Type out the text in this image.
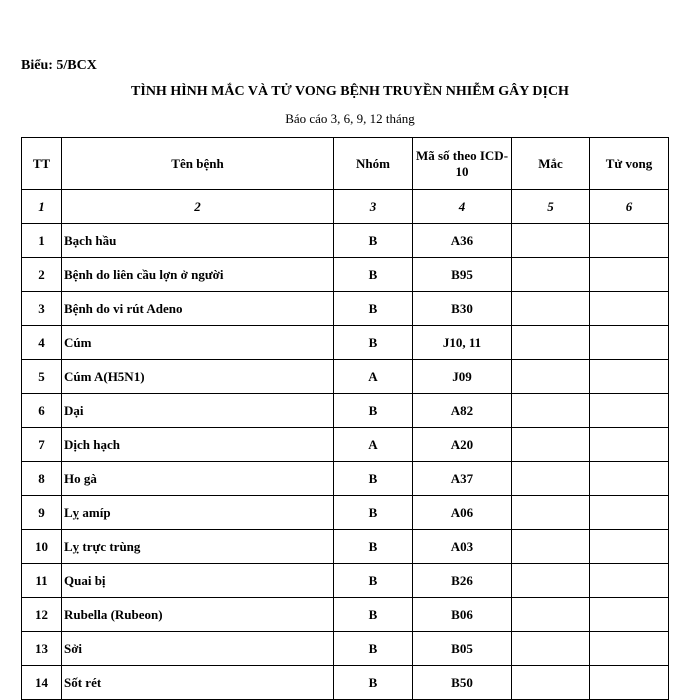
Biểu: 5/BCX
TÌNH HÌNH MẮC VÀ TỬ VONG BỆNH TRUYỀN NHIỄM GÂY DỊCH
Báo cáo 3, 6, 9, 12 tháng
TT	Tên bệnh	Nhóm	Mã số theo ICD-10	Mắc	Tử vong
1	2	3	4	5	6
1	Bạch hầu	B	A36		
2	Bệnh do liên cầu lợn ở người	B	B95		
3	Bệnh do vi rút Adeno	B	B30		
4	Cúm	B	J10, 11		
5	Cúm A(H5N1)	A	J09		
6	Dại	B	A82		
7	Dịch hạch	A	A20		
8	Ho gà	B	A37		
9	Lỵ amíp	B	A06		
10	Lỵ trực trùng	B	A03		
11	Quai bị	B	B26		
12	Rubella (Rubeon)	B	B06		
13	Sởi	B	B05		
14	Sốt rét	B	B50		
